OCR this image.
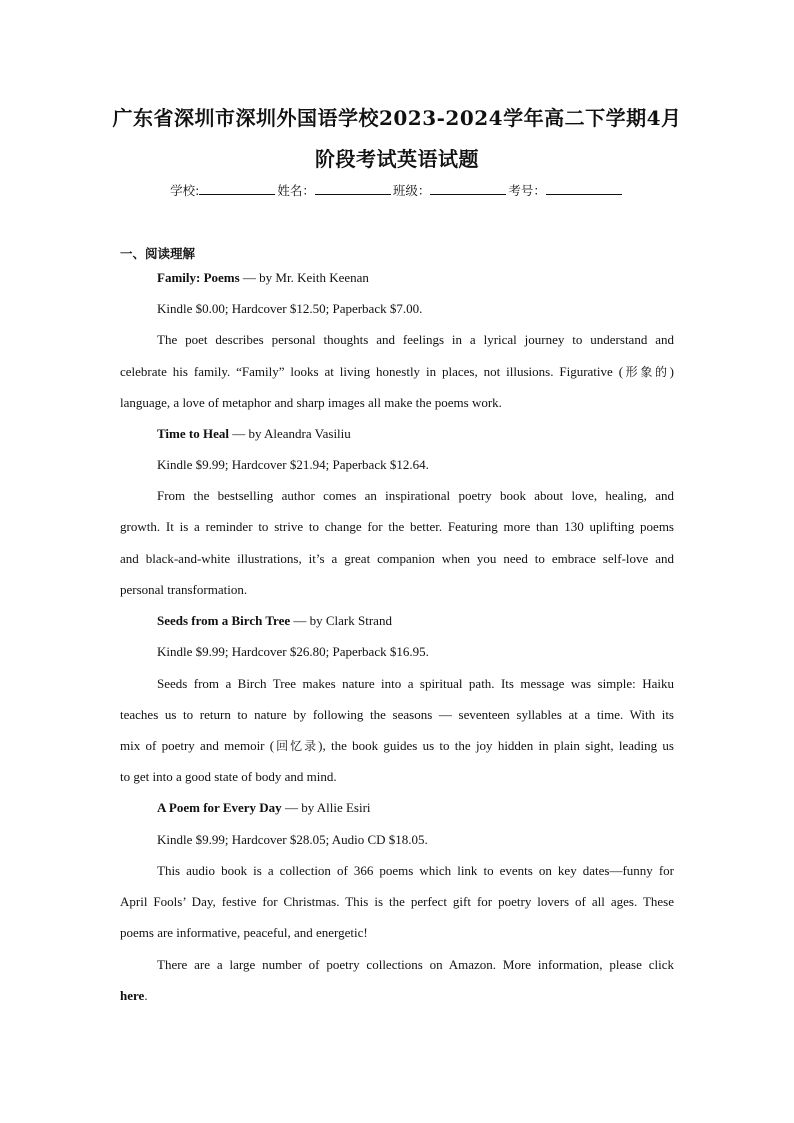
广东省深圳市深圳外国语学校2023-2024学年高二下学期4月
阶段考试英语试题
学校:	姓名：	班级：	考号：
一、阅读理解
Family: Poems — by Mr. Keith Keenan
Kindle $0.00; Hardcover $12.50; Paperback $7.00.
The poet describes personal thoughts and feelings in a lyrical journey to understand and
celebrate his family. “Family” looks at living honestly in places, not illusions. Figurative (形象的)
language, a love of metaphor and sharp images all make the poems work.
Time to Heal — by Aleandra Vasiliu
Kindle $9.99; Hardcover $21.94; Paperback $12.64.
From the bestselling author comes an inspirational poetry book about love, healing, and
growth. It is a reminder to strive to change for the better. Featuring more than 130 uplifting poems
and black-and-white illustrations, it’s a great companion when you need to embrace self-love and
personal transformation.
Seeds from a Birch Tree — by Clark Strand
Kindle $9.99; Hardcover $26.80; Paperback $16.95.
Seeds from a Birch Tree makes nature into a spiritual path. Its message was simple: Haiku
teaches us to return to nature by following the seasons — seventeen syllables at a time. With its
mix of poetry and memoir (回忆录), the book guides us to the joy hidden in plain sight, leading us
to get into a good state of body and mind.
A Poem for Every Day — by Allie Esiri
Kindle $9.99; Hardcover $28.05; Audio CD $18.05.
This audio book is a collection of 366 poems which link to events on key dates—funny for
April Fools’ Day, festive for Christmas. This is the perfect gift for poetry lovers of all ages. These
poems are informative, peaceful, and energetic!
There are a large number of poetry collections on Amazon. More information, please click
here.
